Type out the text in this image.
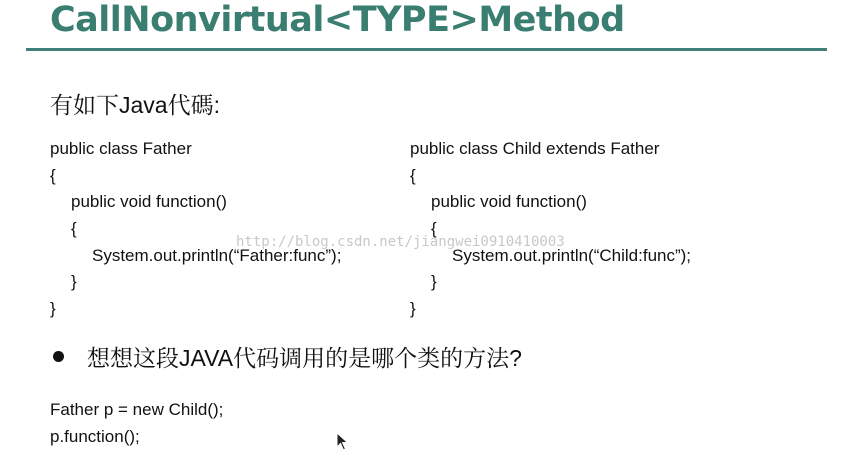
CallNonvirtual<TYPE>Method
有如下Java代碼:
public class Father
{
public void function()
{
System.out.println(“Father:func”);
}
}
public class Child extends Father
{
public void function()
{
System.out.println(“Child:func”);
}
}
http://blog.csdn.net/jiangwei0910410003
想想这段JAVA代码调用的是哪个类的方法?
Father p = new Child();
p.function();
